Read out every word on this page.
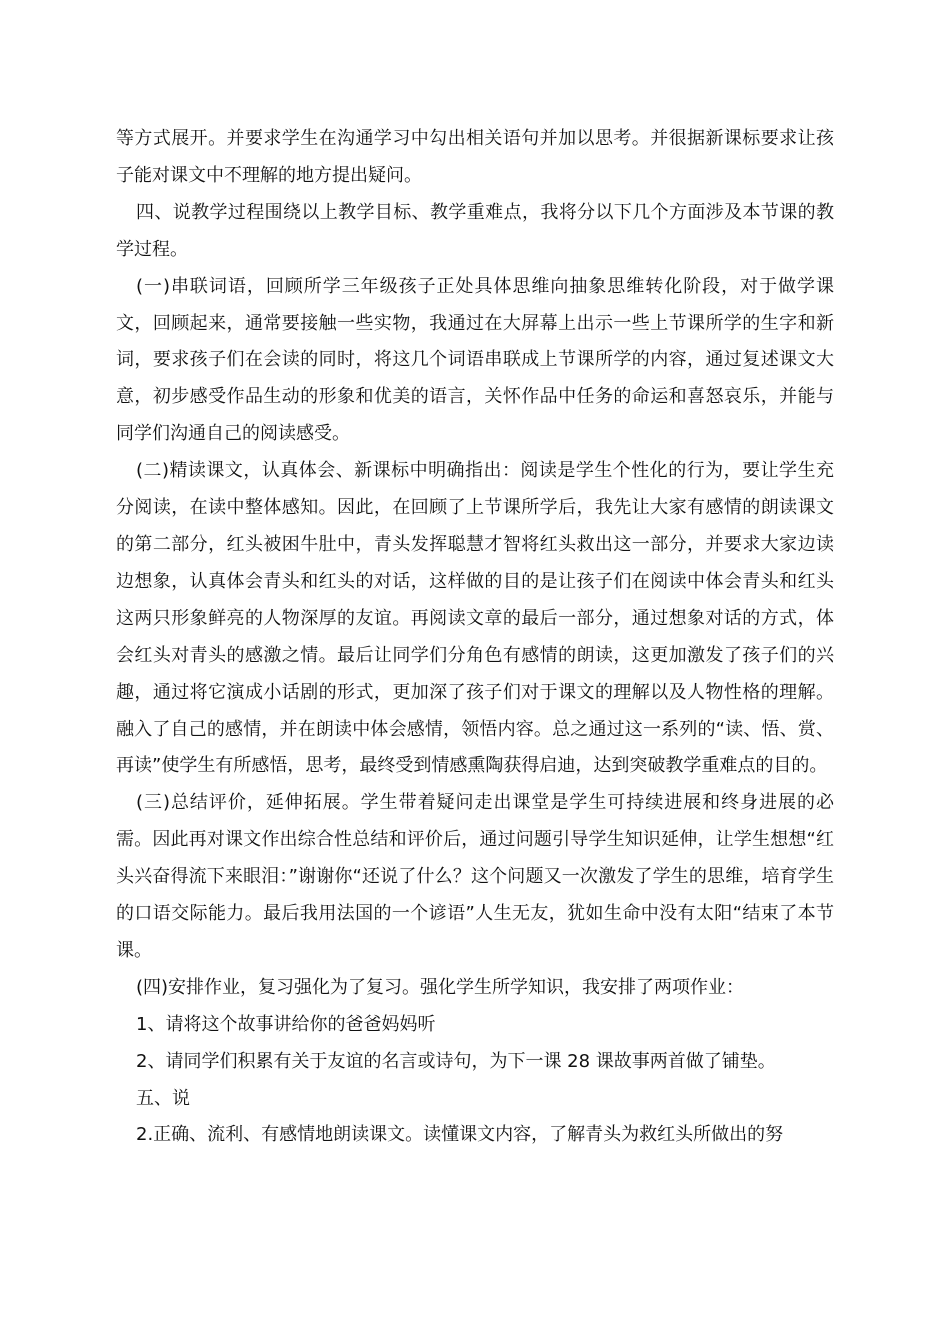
等方式展开。并要求学生在沟通学习中勾出相关语句并加以思考。并很据新课标要求让孩子能对课文中不理解的地方提出疑问。

四、说教学过程围绕以上教学目标、教学重难点，我将分以下几个方面涉及本节课的教学过程。

(一)串联词语，回顾所学三年级孩子正处具体思维向抽象思维转化阶段，对于做学课文，回顾起来，通常要接触一些实物，我通过在大屏幕上出示一些上节课所学的生字和新词，要求孩子们在会读的同时，将这几个词语串联成上节课所学的内容，通过复述课文大意，初步感受作品生动的形象和优美的语言，关怀作品中任务的命运和喜怒哀乐，并能与同学们沟通自己的阅读感受。

(二)精读课文，认真体会、新课标中明确指出：阅读是学生个性化的行为，要让学生充分阅读，在读中整体感知。因此，在回顾了上节课所学后，我先让大家有感情的朗读课文的第二部分，红头被困牛肚中，青头发挥聪慧才智将红头救出这一部分，并要求大家边读边想象，认真体会青头和红头的对话，这样做的目的是让孩子们在阅读中体会青头和红头这两只形象鲜亮的人物深厚的友谊。再阅读文章的最后一部分，通过想象对话的方式，体会红头对青头的感激之情。最后让同学们分角色有感情的朗读，这更加激发了孩子们的兴趣，通过将它演成小话剧的形式，更加深了孩子们对于课文的理解以及人物性格的理解。融入了自己的感情，并在朗读中体会感情，领悟内容。总之通过这一系列的“读、悟、赏、再读”使学生有所感悟，思考，最终受到情感熏陶获得启迪，达到突破教学重难点的目的。

(三)总结评价，延伸拓展。学生带着疑问走出课堂是学生可持续进展和终身进展的必需。因此再对课文作出综合性总结和评价后，通过问题引导学生知识延伸，让学生想想“红头兴奋得流下来眼泪：”谢谢你“还说了什么？这个问题又一次激发了学生的思维，培育学生的口语交际能力。最后我用法国的一个谚语”人生无友，犹如生命中没有太阳“结束了本节课。

(四)安排作业，复习强化为了复习。强化学生所学知识，我安排了两项作业：

1、请将这个故事讲给你的爸爸妈妈听

2、请同学们积累有关于友谊的名言或诗句，为下一课 28 课故事两首做了铺垫。

五、说

2.正确、流利、有感情地朗读课文。读懂课文内容，了解青头为救红头所做出的努
